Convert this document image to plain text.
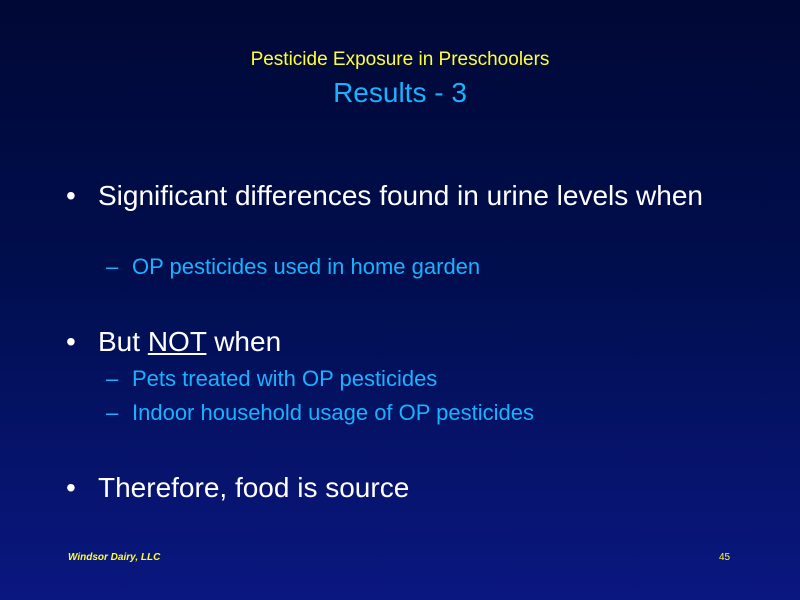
Pesticide Exposure in Preschoolers
Results - 3
• Significant differences found in urine levels when
– OP pesticides used in home garden
• But NOT when
– Pets treated with OP pesticides
– Indoor household usage of OP pesticides
• Therefore, food is source
Windsor Dairy, LLC	45
